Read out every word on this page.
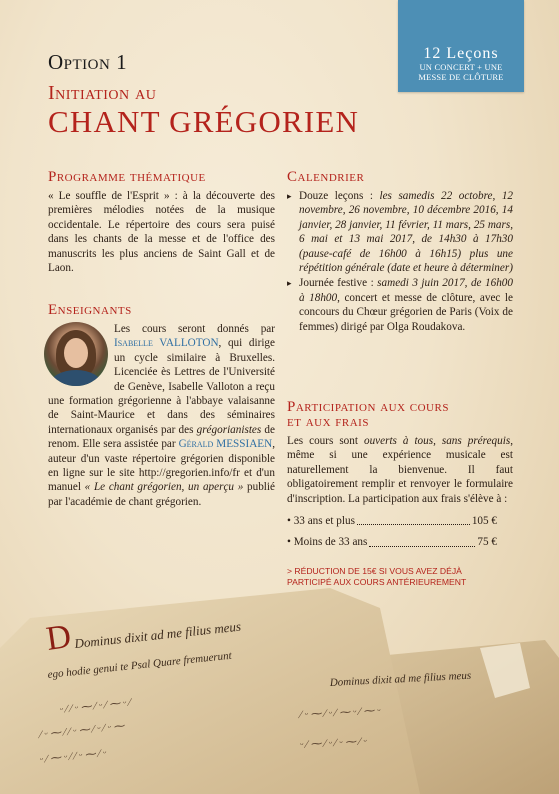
12 Leçons
UN CONCERT + UNE
MESSE DE CLÔTURE
Option 1
Initiation au
CHANT GRÉGORIEN
Programme thématique
« Le souffle de l'Esprit » : à la découverte des premières mélodies notées de la musique occidentale. Le répertoire des cours sera puisé dans les chants de la messe et de l'office des manuscrits les plus anciens de Saint Gall et de Laon.
Enseignants
Les cours seront donnés par Isabelle VALLOTON, qui dirige un cycle similaire à Bruxelles. Licenciée ès Lettres de l'Université de Genève, Isabelle Valloton a reçu une formation grégorienne à l'abbaye valaisanne de Saint-Maurice et dans des séminaires internationaux organisés par des grégorianistes de renom. Elle sera assistée par Gérald MESSIAEN, auteur d'un vaste répertoire grégorien disponible en ligne sur le site http://gregorien.info/fr et d'un manuel « Le chant grégorien, un aperçu » publié par l'académie de chant grégorien.
Calendrier
▸ Douze leçons : les samedis 22 octobre, 12 novembre, 26 novembre, 10 décembre 2016, 14 janvier, 28 janvier, 11 février, 11 mars, 25 mars, 6 mai et 13 mai 2017, de 14h30 à 17h30 (pause-café de 16h00 à 16h15) plus une répétition générale (date et heure à déterminer)
▸ Journée festive : samedi 3 juin 2017, de 16h00 à 18h00, concert et messe de clôture, avec le concours du Chœur grégorien de Paris (Voix de femmes) dirigé par Olga Roudakova.
Participation aux cours
et aux frais
Les cours sont ouverts à tous, sans prérequis, même si une expérience musicale est naturellement la bienvenue. Il faut obligatoirement remplir et renvoyer le formulaire d'inscription. La participation aux frais s'élève à :
• 33 ans et plus	105 €
• Moins de 33 ans	75 €
> RÉDUCTION DE 15€ SI VOUS AVEZ DÉJÀ PARTICIPÉ AUX COURS ANTÉRIEUREMENT
D Dominus dixit ad me filius meus
ego hodie genui te Psal Quare fremuerunt	Dominus dixit ad me filius meus
ᵕ ⁄ ⁄ ᵕ ⁓ ⁄ ᵕ ⁄ ⁓ ᵕ ⁄
⁄ ᵕ ⁓ ⁄ ⁄ ᵕ ⁓ ⁄ ᵕ ⁄ ᵕ ⁓
ᵕ ⁄ ⁓ ᵕ ⁄ ⁄ ᵕ ⁓ ⁄ ᵕ
⁄ ᵕ ⁓ ⁄ ᵕ ⁄ ⁓ ᵕ ⁄ ⁓ ᵕ
ᵕ ⁄ ⁓ ⁄ ᵕ ⁄ ᵕ ⁓ ⁄ ᵕ
